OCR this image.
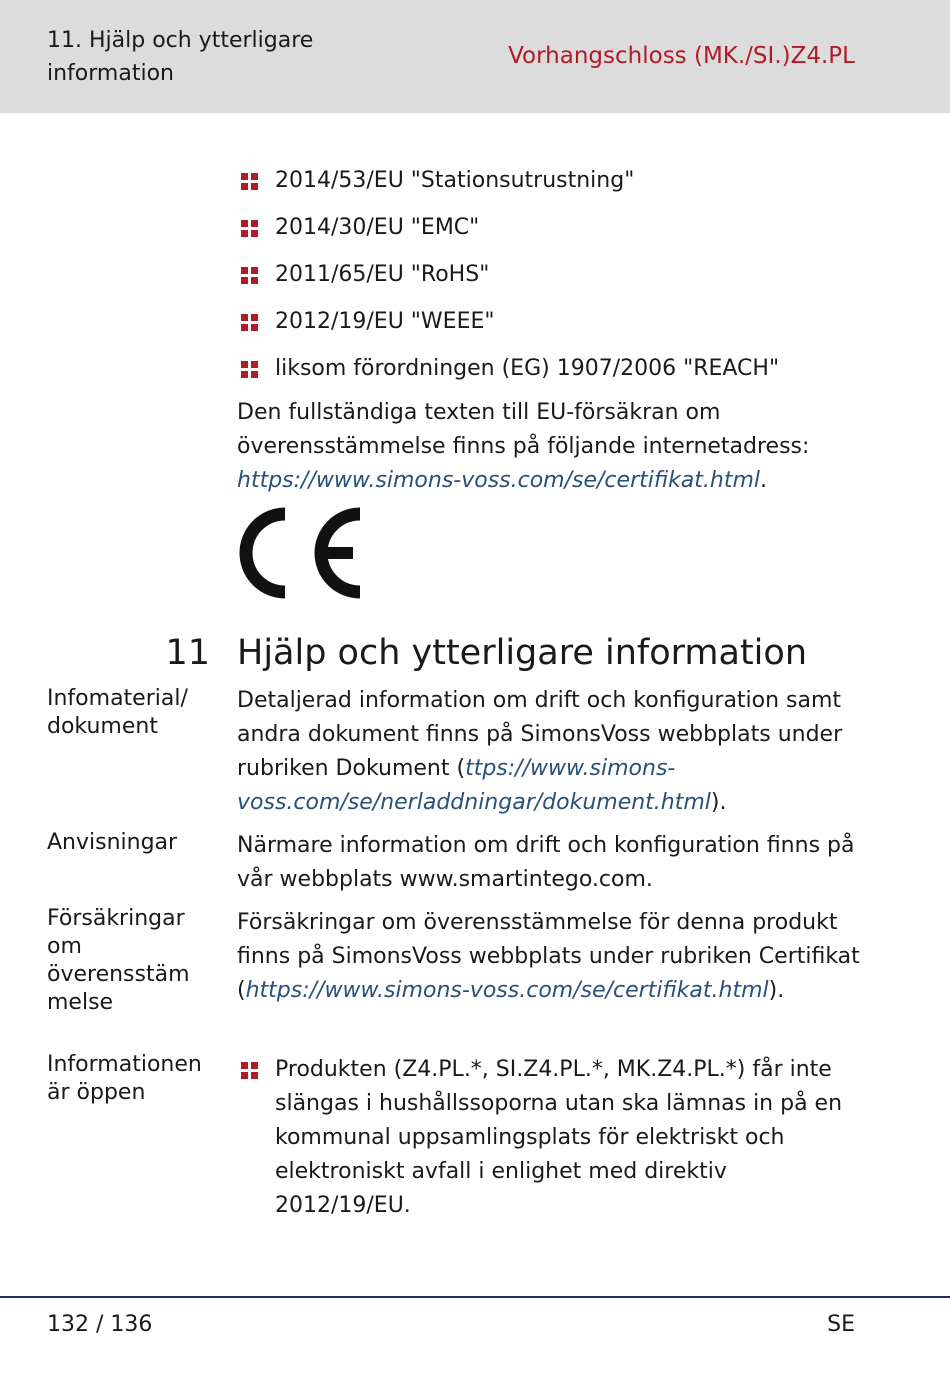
11. Hjälp och ytterligare information
Vorhangschloss (MK./SI.)Z4.PL
2014/53/EU "Stationsutrustning"
2014/30/EU "EMC"
2011/65/EU "RoHS"
2012/19/EU "WEEE"
liksom förordningen (EG) 1907/2006 "REACH"
Den fullständiga texten till EU-försäkran om överensstämmelse finns på följande internetadress: https://www.simons-voss.com/se/certifikat.html.
11 Hjälp och ytterligare information
Infomaterial/ dokument
Detaljerad information om drift och konfiguration samt andra dokument finns på SimonsVoss webbplats under rubriken Dokument (ttps://www.simons-voss.com/se/nerladdningar/dokument.html).
Anvisningar	Närmare information om drift och konfiguration finns på vår webbplats www.smartintego.com.
Försäkringar om överensstäm melse
Försäkringar om överensstämmelse för denna produkt finns på SimonsVoss webbplats under rubriken Certifikat (https://www.simons-voss.com/se/certifikat.html).
Informationen är öppen
Produkten (Z4.PL.*, SI.Z4.PL.*, MK.Z4.PL.*) får inte slängas i hushållssoporna utan ska lämnas in på en kommunal uppsamlingsplats för elektriskt och elektroniskt avfall i enlighet med direktiv 2012/19/EU.
132 / 136	SE
